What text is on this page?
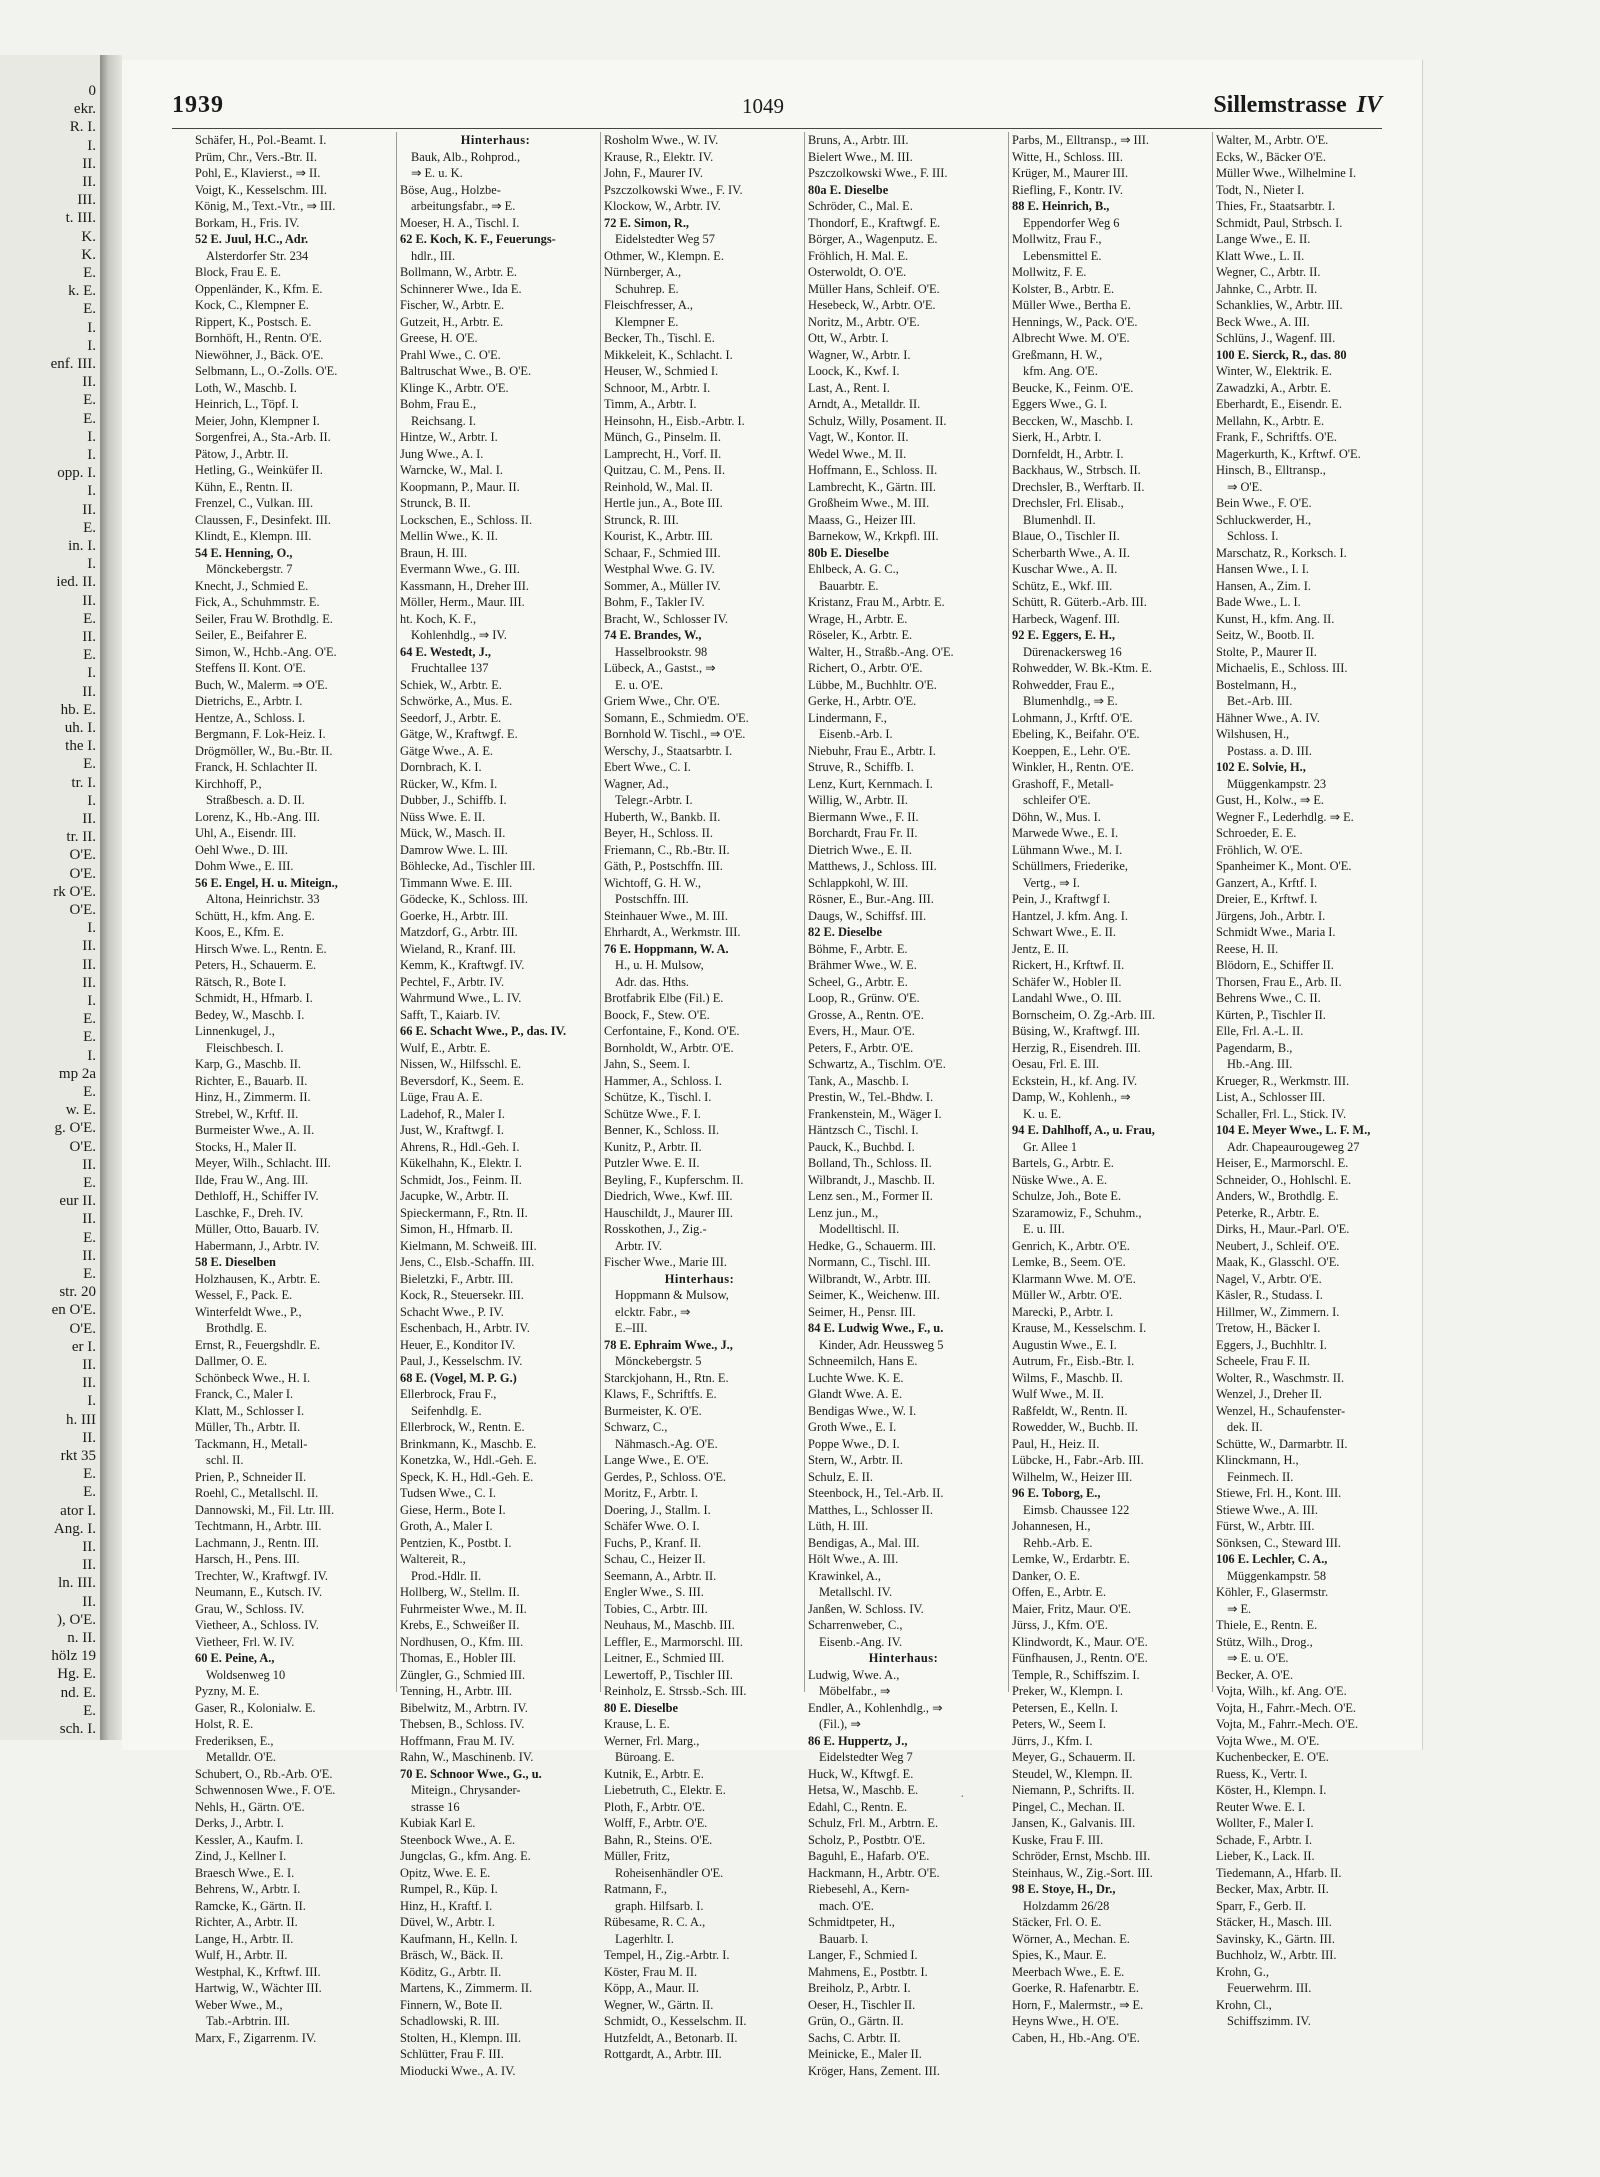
0
ekr.
R. I.
I.
II.
II.
III.
t. III.
K.
K.
E.
k. E.
E.
I.
I.
enf. III.
II.
E.
E.
I.
I.
opp. I.
I.
II.
E.
in. I.
I.
ied. II.
II.
E.
II.
E.
I.
II.
hb. E.
uh. I.
the I.
E.
tr. I.
I.
II.
tr. II.
O'E.
O'E.
rk O'E.
O'E.
I.
II.
II.
II.
I.
E.
E.
I.
mp 2a
E.
w. E.
g. O'E.
O'E.
II.
E.
eur II.
II.
E.
II.
E.
str. 20
en O'E.
O'E.
er I.
II.
II.
I.
h. III
II.
rkt 35
E.
E.
ator I.
Ang. I.
II.
II.
ln. III.
II.
), O'E.
n. II.
hölz 19
Hg. E.
nd. E.
E.
sch. I.
1939	1049	Sillemstrasse IV
Schäfer, H., Pol.-Beamt. I.
Prüm, Chr., Vers.-Btr. II.
Pohl, E., Klavierst., ⇒ II.
Voigt, K., Kesselschm. III.
König, M., Text.-Vtr., ⇒ III.
Borkam, H., Fris. IV.
52 E. Juul, H.C., Adr.
Alsterdorfer Str. 234
Block, Frau E. E.
Oppenländer, K., Kfm. E.
Kock, C., Klempner E.
Rippert, K., Postsch. E.
Bornhöft, H., Rentn. O'E.
Niewöhner, J., Bäck. O'E.
Selbmann, L., O.-Zolls. O'E.
Loth, W., Maschb. I.
Heinrich, L., Töpf. I.
Meier, John, Klempner I.
Sorgenfrei, A., Sta.-Arb. II.
Pätow, J., Arbtr. II.
Hetling, G., Weinküfer II.
Kühn, E., Rentn. II.
Frenzel, C., Vulkan. III.
Claussen, F., Desinfekt. III.
Klindt, E., Klempn. III.
54 E. Henning, O.,
Mönckebergstr. 7
Knecht, J., Schmied E.
Fick, A., Schuhmmstr. E.
Seiler, Frau W. Brothdlg. E.
Seiler, E., Beifahrer E.
Simon, W., Hchb.-Ang. O'E.
Steffens II. Kont. O'E.
Buch, W., Malerm. ⇒ O'E.
Dietrichs, E., Arbtr. I.
Hentze, A., Schloss. I.
Bergmann, F. Lok-Heiz. I.
Drögmöller, W., Bu.-Btr. II.
Franck, H. Schlachter II.
Kirchhoff, P.,
Straßbesch. a. D. II.
Lorenz, K., Hb.-Ang. III.
Uhl, A., Eisendr. III.
Oehl Wwe., D. III.
Dohm Wwe., E. III.
56 E. Engel, H. u. Miteign.,
Altona, Heinrichstr. 33
Schütt, H., kfm. Ang. E.
Koos, E., Kfm. E.
Hirsch Wwe. L., Rentn. E.
Peters, H., Schauerm. E.
Rätsch, R., Bote I.
Schmidt, H., Hfmarb. I.
Bedey, W., Maschb. I.
Linnenkugel, J.,
Fleischbesch. I.
Karp, G., Maschb. II.
Richter, E., Bauarb. II.
Hinz, H., Zimmerm. II.
Strebel, W., Krftf. II.
Burmeister Wwe., A. II.
Stocks, H., Maler II.
Meyer, Wilh., Schlacht. III.
Ilde, Frau W., Ang. III.
Dethloff, H., Schiffer IV.
Laschke, F., Dreh. IV.
Müller, Otto, Bauarb. IV.
Habermann, J., Arbtr. IV.
58 E. Dieselben
Holzhausen, K., Arbtr. E.
Wessel, F., Pack. E.
Winterfeldt Wwe., P.,
Brothdlg. E.
Ernst, R., Feuergshdlr. E.
Dallmer, O. E.
Schönbeck Wwe., H. I.
Franck, C., Maler I.
Klatt, M., Schlosser I.
Müller, Th., Arbtr. II.
Tackmann, H., Metall-
schl. II.
Prien, P., Schneider II.
Roehl, C., Metallschl. II.
Dannowski, M., Fil. Ltr. III.
Techtmann, H., Arbtr. III.
Lachmann, J., Rentn. III.
Harsch, H., Pens. III.
Trechter, W., Kraftwgf. IV.
Neumann, E., Kutsch. IV.
Grau, W., Schloss. IV.
Vietheer, A., Schloss. IV.
Vietheer, Frl. W. IV.
60 E. Peine, A.,
Woldsenweg 10
Pyzny, M. E.
Gaser, R., Kolonialw. E.
Holst, R. E.
Frederiksen, E.,
Metalldr. O'E.
Schubert, O., Rb.-Arb. O'E.
Schwennosen Wwe., F. O'E.
Nehls, H., Gärtn. O'E.
Derks, J., Arbtr. I.
Kessler, A., Kaufm. I.
Zind, J., Kellner I.
Braesch Wwe., E. I.
Behrens, W., Arbtr. I.
Ramcke, K., Gärtn. II.
Richter, A., Arbtr. II.
Lange, H., Arbtr. II.
Wulf, H., Arbtr. II.
Westphal, K., Krftwf. III.
Hartwig, W., Wächter III.
Weber Wwe., M.,
Tab.-Arbtrin. III.
Marx, F., Zigarrenm. IV.
Hinterhaus:
Bauk, Alb., Rohprod.,
⇒ E. u. K.
Böse, Aug., Holzbe-
arbeitungsfabr., ⇒ E.
Moeser, H. A., Tischl. I.
62 E. Koch, K. F., Feuerungs-
hdlr., III.
Bollmann, W., Arbtr. E.
Schinnerer Wwe., Ida E.
Fischer, W., Arbtr. E.
Gutzeit, H., Arbtr. E.
Greese, H. O'E.
Prahl Wwe., C. O'E.
Baltruschat Wwe., B. O'E.
Klinge K., Arbtr. O'E.
Bohm, Frau E.,
Reichsang. I.
Hintze, W., Arbtr. I.
Jung Wwe., A. I.
Warncke, W., Mal. I.
Koopmann, P., Maur. II.
Strunck, B. II.
Lockschen, E., Schloss. II.
Mellin Wwe., K. II.
Braun, H. III.
Evermann Wwe., G. III.
Kassmann, H., Dreher III.
Möller, Herm., Maur. III.
ht. Koch, K. F.,
Kohlenhdlg., ⇒ IV.
64 E. Westedt, J.,
Fruchtallee 137
Schiek, W., Arbtr. E.
Schwörke, A., Mus. E.
Seedorf, J., Arbtr. E.
Gätge, W., Kraftwgf. E.
Gätge Wwe., A. E.
Dornbrach, K. I.
Rücker, W., Kfm. I.
Dubber, J., Schiffb. I.
Nüss Wwe. E. II.
Mück, W., Masch. II.
Damrow Wwe. L. III.
Böhlecke, Ad., Tischler III.
Timmann Wwe. E. III.
Gödecke, K., Schloss. III.
Goerke, H., Arbtr. III.
Matzdorf, G., Arbtr. III.
Wieland, R., Kranf. III.
Kemm, K., Kraftwgf. IV.
Pechtel, F., Arbtr. IV.
Wahrmund Wwe., L. IV.
Safft, T., Kaiarb. IV.
66 E. Schacht Wwe., P., das. IV.
Wulf, E., Arbtr. E.
Nissen, W., Hilfsschl. E.
Beversdorf, K., Seem. E.
Lüge, Frau A. E.
Ladehof, R., Maler I.
Just, W., Kraftwgf. I.
Ahrens, R., Hdl.-Geh. I.
Kükelhahn, K., Elektr. I.
Schmidt, Jos., Feinm. II.
Jacupke, W., Arbtr. II.
Spieckermann, F., Rtn. II.
Simon, H., Hfmarb. II.
Kielmann, M. Schweiß. III.
Jens, C., Elsb.-Schaffn. III.
Bieletzki, F., Arbtr. III.
Kock, R., Steuersekr. III.
Schacht Wwe., P. IV.
Eschenbach, H., Arbtr. IV.
Heuer, E., Konditor IV.
Paul, J., Kesselschm. IV.
68 E. (Vogel, M. P. G.)
Ellerbrock, Frau F.,
Seifenhdlg. E.
Ellerbrock, W., Rentn. E.
Brinkmann, K., Maschb. E.
Konetzka, W., Hdl.-Geh. E.
Speck, K. H., Hdl.-Geh. E.
Tudsen Wwe., C. I.
Giese, Herm., Bote I.
Groth, A., Maler I.
Pentzien, K., Postbt. I.
Waltereit, R.,
Prod.-Hdlr. II.
Hollberg, W., Stellm. II.
Fuhrmeister Wwe., M. II.
Krebs, E., Schweißer II.
Nordhusen, O., Kfm. III.
Thomas, E., Hobler III.
Züngler, G., Schmied III.
Tenning, H., Arbtr. III.
Bibelwitz, M., Arbtrn. IV.
Thebsen, B., Schloss. IV.
Hoffmann, Frau M. IV.
Rahn, W., Maschinenb. IV.
70 E. Schnoor Wwe., G., u.
Miteign., Chrysander-
strasse 16
Kubiak Karl E.
Steenbock Wwe., A. E.
Jungclas, G., kfm. Ang. E.
Opitz, Wwe. E. E.
Rumpel, R., Küp. I.
Hinz, H., Kraftf. I.
Düvel, W., Arbtr. I.
Kaufmann, H., Kelln. I.
Bräsch, W., Bäck. II.
Köditz, G., Arbtr. II.
Martens, K., Zimmerm. II.
Finnern, W., Bote II.
Schadlowski, R. III.
Stolten, H., Klempn. III.
Schlütter, Frau F. III.
Mioducki Wwe., A. IV.
Rosholm Wwe., W. IV.
Krause, R., Elektr. IV.
John, F., Maurer IV.
Pszczolkowski Wwe., F. IV.
Klockow, W., Arbtr. IV.
72 E. Simon, R.,
Eidelstedter Weg 57
Othmer, W., Klempn. E.
Nürnberger, A.,
Schuhrep. E.
Fleischfresser, A.,
Klempner E.
Becker, Th., Tischl. E.
Mikkeleit, K., Schlacht. I.
Heuser, W., Schmied I.
Schnoor, M., Arbtr. I.
Timm, A., Arbtr. I.
Heinsohn, H., Eisb.-Arbtr. I.
Münch, G., Pinselm. II.
Lamprecht, H., Vorf. II.
Quitzau, C. M., Pens. II.
Reinhold, W., Mal. II.
Hertle jun., A., Bote III.
Strunck, R. III.
Kourist, K., Arbtr. III.
Schaar, F., Schmied III.
Westphal Wwe. G. IV.
Sommer, A., Müller IV.
Bohm, F., Takler IV.
Bracht, W., Schlosser IV.
74 E. Brandes, W.,
Hasselbrookstr. 98
Lübeck, A., Gastst., ⇒
E. u. O'E.
Griem Wwe., Chr. O'E.
Somann, E., Schmiedm. O'E.
Bornhold W. Tischl., ⇒ O'E.
Werschy, J., Staatsarbtr. I.
Ebert Wwe., C. I.
Wagner, Ad.,
Telegr.-Arbtr. I.
Huberth, W., Bankb. II.
Beyer, H., Schloss. II.
Friemann, C., Rb.-Btr. II.
Gäth, P., Postschffn. III.
Wichtoff, G. H. W.,
Postschffn. III.
Steinhauer Wwe., M. III.
Ehrhardt, A., Werkmstr. III.
76 E. Hoppmann, W. A.
H., u. H. Mulsow,
Adr. das. Hths.
Brotfabrik Elbe (Fil.) E.
Boock, F., Stew. O'E.
Cerfontaine, F., Kond. O'E.
Bornholdt, W., Arbtr. O'E.
Jahn, S., Seem. I.
Hammer, A., Schloss. I.
Schütze, K., Tischl. I.
Schütze Wwe., F. I.
Benner, K., Schloss. II.
Kunitz, P., Arbtr. II.
Putzler Wwe. E. II.
Beyling, F., Kupferschm. II.
Diedrich, Wwe., Kwf. III.
Hauschildt, J., Maurer III.
Rosskothen, J., Zig.-
Arbtr. IV.
Fischer Wwe., Marie III.
Hinterhaus:
Hoppmann & Mulsow,
elcktr. Fabr., ⇒
E.–III.
78 E. Ephraim Wwe., J.,
Mönckebergstr. 5
Starckjohann, H., Rtn. E.
Klaws, F., Schriftfs. E.
Burmeister, K. O'E.
Schwarz, C.,
Nähmasch.-Ag. O'E.
Lange Wwe., E. O'E.
Gerdes, P., Schloss. O'E.
Moritz, F., Arbtr. I.
Doering, J., Stallm. I.
Schäfer Wwe. O. I.
Fuchs, P., Kranf. II.
Schau, C., Heizer II.
Seemann, A., Arbtr. II.
Engler Wwe., S. III.
Tobies, C., Arbtr. III.
Neuhaus, M., Maschb. III.
Leffler, E., Marmorschl. III.
Leitner, E., Schmied III.
Lewertoff, P., Tischler III.
Reinholz, E. Strssb.-Sch. III.
80 E. Dieselbe
Krause, L. E.
Werner, Frl. Marg.,
Büroang. E.
Kutnik, E., Arbtr. E.
Liebetruth, C., Elektr. E.
Ploth, F., Arbtr. O'E.
Wolff, F., Arbtr. O'E.
Bahn, R., Steins. O'E.
Müller, Fritz,
Roheisenhändler O'E.
Ratmann, F.,
graph. Hilfsarb. I.
Rübesame, R. C. A.,
Lagerhltr. I.
Tempel, H., Zig.-Arbtr. I.
Köster, Frau M. II.
Köpp, A., Maur. II.
Wegner, W., Gärtn. II.
Schmidt, O., Kesselschm. II.
Hutzfeldt, A., Betonarb. II.
Rottgardt, A., Arbtr. III.
Bruns, A., Arbtr. III.
Bielert Wwe., M. III.
Pszczolkowski Wwe., F. III.
80a E. Dieselbe
Schröder, C., Mal. E.
Thondorf, E., Kraftwgf. E.
Börger, A., Wagenputz. E.
Fröhlich, H. Mal. E.
Osterwoldt, O. O'E.
Müller Hans, Schleif. O'E.
Hesebeck, W., Arbtr. O'E.
Noritz, M., Arbtr. O'E.
Ott, W., Arbtr. I.
Wagner, W., Arbtr. I.
Loock, K., Kwf. I.
Last, A., Rent. I.
Arndt, A., Metalldr. II.
Schulz, Willy, Posament. II.
Vagt, W., Kontor. II.
Wedel Wwe., M. II.
Hoffmann, E., Schloss. II.
Lambrecht, K., Gärtn. III.
Großheim Wwe., M. III.
Maass, G., Heizer III.
Barnekow, W., Krkpfl. III.
80b E. Dieselbe
Ehlbeck, A. G. C.,
Bauarbtr. E.
Kristanz, Frau M., Arbtr. E.
Wrage, H., Arbtr. E.
Röseler, K., Arbtr. E.
Walter, H., Straßb.-Ang. O'E.
Richert, O., Arbtr. O'E.
Lübbe, M., Buchhltr. O'E.
Gerke, H., Arbtr. O'E.
Lindermann, F.,
Eisenb.-Arb. I.
Niebuhr, Frau E., Arbtr. I.
Struve, R., Schiffb. I.
Lenz, Kurt, Kernmach. I.
Willig, W., Arbtr. II.
Biermann Wwe., F. II.
Borchardt, Frau Fr. II.
Dietrich Wwe., E. II.
Matthews, J., Schloss. III.
Schlappkohl, W. III.
Rösner, E., Bur.-Ang. III.
Daugs, W., Schiffsf. III.
82 E. Dieselbe
Böhme, F., Arbtr. E.
Brähmer Wwe., W. E.
Scheel, G., Arbtr. E.
Loop, R., Grünw. O'E.
Grosse, A., Rentn. O'E.
Evers, H., Maur. O'E.
Peters, F., Arbtr. O'E.
Schwartz, A., Tischlm. O'E.
Tank, A., Maschb. I.
Prestin, W., Tel.-Bhdw. I.
Frankenstein, M., Wäger I.
Häntzsch C., Tischl. I.
Pauck, K., Buchbd. I.
Bolland, Th., Schloss. II.
Wilbrandt, J., Maschb. II.
Lenz sen., M., Former II.
Lenz jun., M.,
Modelltischl. II.
Hedke, G., Schauerm. III.
Normann, C., Tischl. III.
Wilbrandt, W., Arbtr. III.
Seimer, K., Weichenw. III.
Seimer, H., Pensr. III.
84 E. Ludwig Wwe., F., u.
Kinder, Adr. Heussweg 5
Schneemilch, Hans E.
Luchte Wwe. K. E.
Glandt Wwe. A. E.
Bendigas Wwe., W. I.
Groth Wwe., E. I.
Poppe Wwe., D. I.
Stern, W., Arbtr. II.
Schulz, E. II.
Steenbock, H., Tel.-Arb. II.
Matthes, L., Schlosser II.
Lüth, H. III.
Bendigas, A., Mal. III.
Hölt Wwe., A. III.
Krawinkel, A.,
Metallschl. IV.
Janßen, W. Schloss. IV.
Scharrenweber, C.,
Eisenb.-Ang. IV.
Hinterhaus:
Ludwig, Wwe. A.,
Möbelfabr., ⇒
Endler, A., Kohlenhdlg., ⇒
(Fil.), ⇒
86 E. Huppertz, J.,
Eidelstedter Weg 7
Huck, W., Kftwgf. E.
Hetsa, W., Maschb. E.
Edahl, C., Rentn. E.
Schulz, Frl. M., Arbtrn. E.
Scholz, P., Postbtr. O'E.
Baguhl, E., Hafarb. O'E.
Hackmann, H., Arbtr. O'E.
Riebesehl, A., Kern-
mach. O'E.
Schmidtpeter, H.,
Bauarb. I.
Langer, F., Schmied I.
Mahmens, E., Postbtr. I.
Breiholz, P., Arbtr. I.
Oeser, H., Tischler II.
Grün, O., Gärtn. II.
Sachs, C. Arbtr. II.
Meinicke, E., Maler II.
Kröger, Hans, Zement. III.
Parbs, M., Elltransp., ⇒ III.
Witte, H., Schloss. III.
Krüger, M., Maurer III.
Riefling, F., Kontr. IV.
88 E. Heinrich, B.,
Eppendorfer Weg 6
Mollwitz, Frau F.,
Lebensmittel E.
Mollwitz, F. E.
Kolster, B., Arbtr. E.
Müller Wwe., Bertha E.
Hennings, W., Pack. O'E.
Albrecht Wwe. M. O'E.
Greßmann, H. W.,
kfm. Ang. O'E.
Beucke, K., Feinm. O'E.
Eggers Wwe., G. I.
Beccken, W., Maschb. I.
Sierk, H., Arbtr. I.
Dornfeldt, H., Arbtr. I.
Backhaus, W., Strbsch. II.
Drechsler, B., Werftarb. II.
Drechsler, Frl. Elisab.,
Blumenhdl. II.
Blaue, O., Tischler II.
Scherbarth Wwe., A. II.
Kuschar Wwe., A. II.
Schütz, E., Wkf. III.
Schütt, R. Güterb.-Arb. III.
Harbeck, Wagenf. III.
92 E. Eggers, E. H.,
Dürenackersweg 16
Rohwedder, W. Bk.-Ktm. E.
Rohwedder, Frau E.,
Blumenhdlg., ⇒ E.
Lohmann, J., Krftf. O'E.
Ebeling, K., Beifahr. O'E.
Koeppen, E., Lehr. O'E.
Winkler, H., Rentn. O'E.
Grashoff, F., Metall-
schleifer O'E.
Döhn, W., Mus. I.
Marwede Wwe., E. I.
Lühmann Wwe., M. I.
Schüllmers, Friederike,
Vertg., ⇒ I.
Pein, J., Kraftwgf I.
Hantzel, J. kfm. Ang. I.
Schwart Wwe., E. II.
Jentz, E. II.
Rickert, H., Krftwf. II.
Schäfer W., Hobler II.
Landahl Wwe., O. III.
Bornscheim, O. Zg.-Arb. III.
Büsing, W., Kraftwgf. III.
Herzig, R., Eisendreh. III.
Oesau, Frl. E. III.
Eckstein, H., kf. Ang. IV.
Damp, W., Kohlenh., ⇒
K. u. E.
94 E. Dahlhoff, A., u. Frau,
Gr. Allee 1
Bartels, G., Arbtr. E.
Nüske Wwe., A. E.
Schulze, Joh., Bote E.
Szaramowiz, F., Schuhm.,
E. u. III.
Genrich, K., Arbtr. O'E.
Lemke, B., Seem. O'E.
Klarmann Wwe. M. O'E.
Müller W., Arbtr. O'E.
Marecki, P., Arbtr. I.
Krause, M., Kesselschm. I.
Augustin Wwe., E. I.
Autrum, Fr., Eisb.-Btr. I.
Wilms, F., Maschb. II.
Wulf Wwe., M. II.
Raßfeldt, W., Rentn. II.
Rowedder, W., Buchb. II.
Paul, H., Heiz. II.
Lübcke, H., Fabr.-Arb. III.
Wilhelm, W., Heizer III.
96 E. Toborg, E.,
Eimsb. Chaussee 122
Johannesen, H.,
Rehb.-Arb. E.
Lemke, W., Erdarbtr. E.
Danker, O. E.
Offen, E., Arbtr. E.
Maier, Fritz, Maur. O'E.
Jürss, J., Kfm. O'E.
Klindwordt, K., Maur. O'E.
Fünfhausen, J., Rentn. O'E.
Temple, R., Schiffszim. I.
Preker, W., Klempn. I.
Petersen, E., Kelln. I.
Peters, W., Seem I.
Jürrs, J., Kfm. I.
Meyer, G., Schauerm. II.
Steudel, W., Klempn. II.
Niemann, P., Schrifts. II.
Pingel, C., Mechan. II.
Jansen, K., Galvanis. III.
Kuske, Frau F. III.
Schröder, Ernst, Mschb. III.
Steinhaus, W., Zig.-Sort. III.
98 E. Stoye, H., Dr.,
Holzdamm 26/28
Stäcker, Frl. O. E.
Wörner, A., Mechan. E.
Spies, K., Maur. E.
Meerbach Wwe., E. E.
Goerke, R. Hafenarbtr. E.
Horn, F., Malermstr., ⇒ E.
Heyns Wwe., H. O'E.
Caben, H., Hb.-Ang. O'E.
Walter, M., Arbtr. O'E.
Ecks, W., Bäcker O'E.
Müller Wwe., Wilhelmine I.
Todt, N., Nieter I.
Thies, Fr., Staatsarbtr. I.
Schmidt, Paul, Strbsch. I.
Lange Wwe., E. II.
Klatt Wwe., L. II.
Wegner, C., Arbtr. II.
Jahnke, C., Arbtr. II.
Schanklies, W., Arbtr. III.
Beck Wwe., A. III.
Schlüns, J., Wagenf. III.
100 E. Sierck, R., das. 80
Winter, W., Elektrik. E.
Zawadzki, A., Arbtr. E.
Eberhardt, E., Eisendr. E.
Mellahn, K., Arbtr. E.
Frank, F., Schriftfs. O'E.
Magerkurth, K., Krftwf. O'E.
Hinsch, B., Elltransp.,
⇒ O'E.
Bein Wwe., F. O'E.
Schluckwerder, H.,
Schloss. I.
Marschatz, R., Korksch. I.
Hansen Wwe., I. I.
Hansen, A., Zim. I.
Bade Wwe., L. I.
Kunst, H., kfm. Ang. II.
Seitz, W., Bootb. II.
Stolte, P., Maurer II.
Michaelis, E., Schloss. III.
Bostelmann, H.,
Bet.-Arb. III.
Hähner Wwe., A. IV.
Wilshusen, H.,
Postass. a. D. III.
102 E. Solvie, H.,
Müggenkampstr. 23
Gust, H., Kolw., ⇒ E.
Wegner F., Lederhdlg. ⇒ E.
Schroeder, E. E.
Fröhlich, W. O'E.
Spanheimer K., Mont. O'E.
Ganzert, A., Krftf. I.
Dreier, E., Krftwf. I.
Jürgens, Joh., Arbtr. I.
Schmidt Wwe., Maria I.
Reese, H. II.
Blödorn, E., Schiffer II.
Thorsen, Frau E., Arb. II.
Behrens Wwe., C. II.
Kürten, P., Tischler II.
Elle, Frl. A.-L. II.
Pagendarm, B.,
Hb.-Ang. III.
Krueger, R., Werkmstr. III.
List, A., Schlosser III.
Schaller, Frl. L., Stick. IV.
104 E. Meyer Wwe., L. F. M.,
Adr. Chapeaurougeweg 27
Heiser, E., Marmorschl. E.
Schneider, O., Hohlschl. E.
Anders, W., Brothdlg. E.
Peterke, R., Arbtr. E.
Dirks, H., Maur.-Parl. O'E.
Neubert, J., Schleif. O'E.
Maak, K., Glasschl. O'E.
Nagel, V., Arbtr. O'E.
Käsler, R., Studass. I.
Hillmer, W., Zimmern. I.
Tretow, H., Bäcker I.
Eggers, J., Buchhltr. I.
Scheele, Frau F. II.
Wolter, R., Waschmstr. II.
Wenzel, J., Dreher II.
Wenzel, H., Schaufenster-
dek. II.
Schütte, W., Darmarbtr. II.
Klinckmann, H.,
Feinmech. II.
Stiewe, Frl. H., Kont. III.
Stiewe Wwe., A. III.
Fürst, W., Arbtr. III.
Sönksen, C., Steward III.
106 E. Lechler, C. A.,
Müggenkampstr. 58
Köhler, F., Glasermstr.
⇒ E.
Thiele, E., Rentn. E.
Stütz, Wilh., Drog.,
⇒ E. u. O'E.
Becker, A. O'E.
Vojta, Wilh., kf. Ang. O'E.
Vojta, H., Fahrr.-Mech. O'E.
Vojta, M., Fahrr.-Mech. O'E.
Vojta Wwe., M. O'E.
Kuchenbecker, E. O'E.
Ruess, K., Vertr. I.
Köster, H., Klempn. I.
Reuter Wwe. E. I.
Wollter, F., Maler I.
Schade, F., Arbtr. I.
Lieber, K., Lack. II.
Tiedemann, A., Hfarb. II.
Becker, Max, Arbtr. II.
Sparr, F., Gerb. II.
Stäcker, H., Masch. III.
Savinsky, K., Gärtn. III.
Buchholz, W., Arbtr. III.
Krohn, G.,
Feuerwehrm. III.
Krohn, Cl.,
Schiffszimm. IV.
·
